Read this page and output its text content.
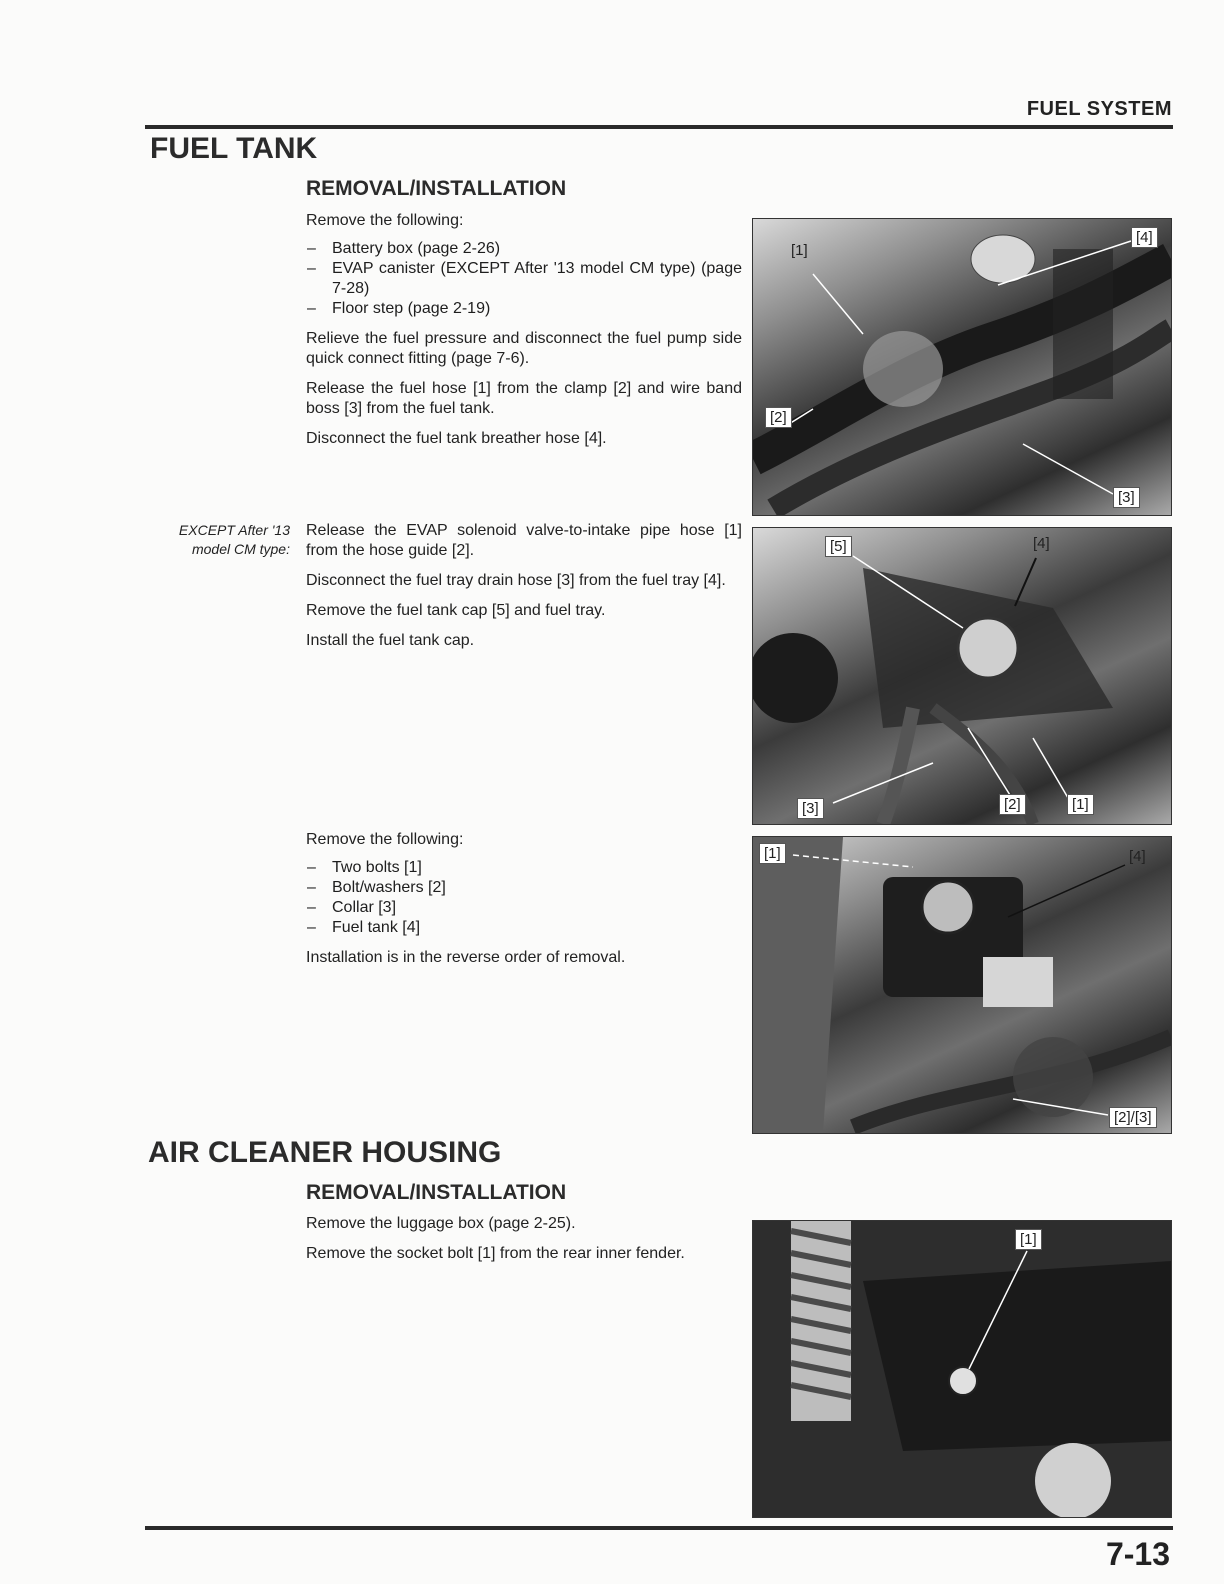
FUEL SYSTEM
FUEL TANK
REMOVAL/INSTALLATION
Remove the following:
– Battery box (page 2-26)
– EVAP canister (EXCEPT After '13 model CM type) (page 7-28)
– Floor step (page 2-19)
Relieve the fuel pressure and disconnect the fuel pump side quick connect fitting (page 7-6).
Release the fuel hose [1] from the clamp [2] and wire band boss [3] from the fuel tank.
Disconnect the fuel tank breather hose [4].
[1]
[2]
[3]
[4]
EXCEPT After '13 model CM type:
Release the EVAP solenoid valve-to-intake pipe hose [1] from the hose guide [2].
Disconnect the fuel tray drain hose [3] from the fuel tray [4].
Remove the fuel tank cap [5] and fuel tray.
Install the fuel tank cap.
[5]	[4]
[3]	[2]	[1]
Remove the following:
– Two bolts [1]
– Bolt/washers [2]
– Collar [3]
– Fuel tank [4]
Installation is in the reverse order of removal.
[1]	[4]
[2]/[3]
AIR CLEANER HOUSING
REMOVAL/INSTALLATION
Remove the luggage box (page 2-25).
Remove the socket bolt [1] from the rear inner fender.
[1]
7-13
